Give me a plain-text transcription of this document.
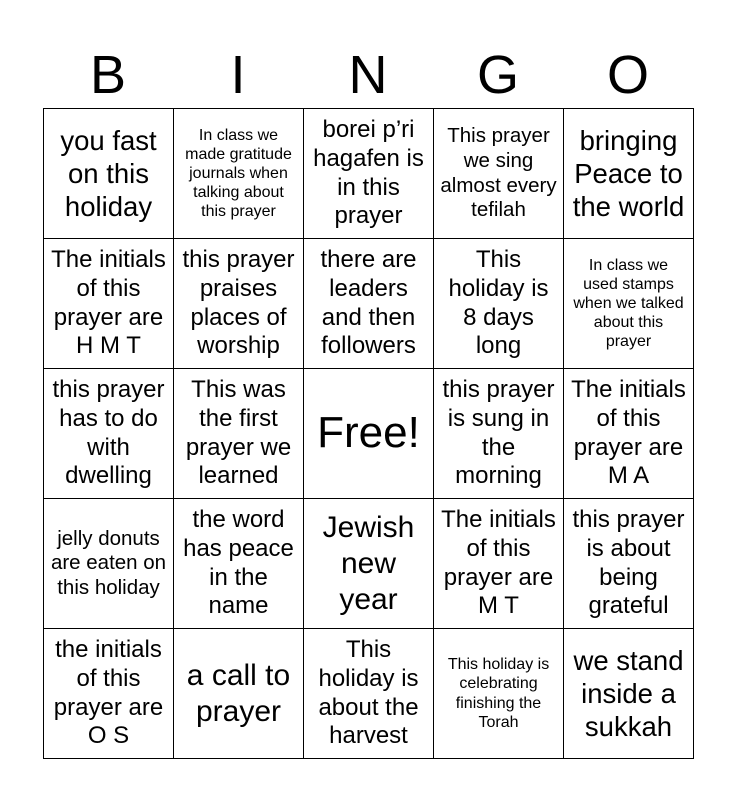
B	I	N	G	O
you fast on this holiday	In class we made gratitude journals when talking about this prayer	borei p’ri hagafen is in this prayer	This prayer we sing almost every tefilah	bringing Peace to the world
The initials of this prayer are H M T	this prayer praises places of worship	there are leaders and then followers	This holiday is 8 days long	In class we used stamps when we talked about this prayer
this prayer has to do with dwelling	This was the first prayer we learned	Free!	this prayer is sung in the morning	The initials of this prayer are M A
jelly donuts are eaten on this holiday	the word has peace in the name	Jewish new year	The initials of this prayer are M T	this prayer is about being grateful
the initials of this prayer are O S	a call to prayer	This holiday is about the harvest	This holiday is celebrating finishing the Torah	we stand inside a sukkah
